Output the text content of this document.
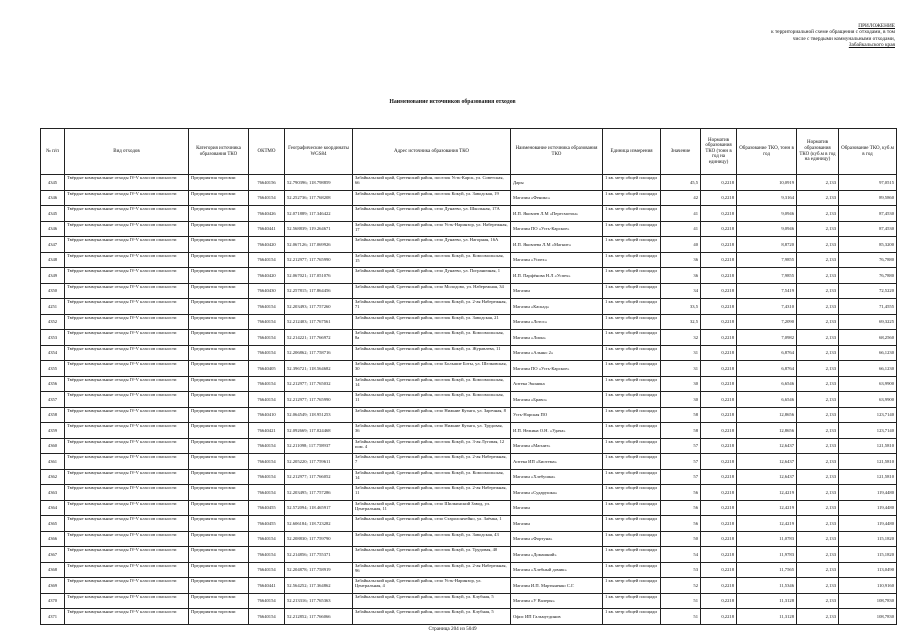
ПРИЛОЖЕНИЕ
к территориальной схеме обращения с отходами, в том
числе с твердыми коммунальными отходами,
Забайкальского края
Наименование источников образования отходов
№ п/п	Вид отходов	Категория источника образования ТКО	ОКТМО	Географические координаты WGS84	Адрес источника образования ТКО	Наименование источника образования ТКО	Единица измерения	Значение	Норматив образования ТКО (тонн в год на единицу)	Образование ТКО, тонн в год	Норматив образования ТКО (куб.м в год на единицу)	Образование ТКО, куб.м в год
4345	Твёрдые коммунальные отходы IV-V классов опасности	Предприятия торговли	76640156	52.790396; 118.798859	Забайкальский край, Сретенский район, поселок Усть-Карск, ул. Советская, 66	Дары	1 кв. метр общей площади	45,5	0,2218	10,0919	2,133	97,0515
4346	Твёрдые коммунальные отходы IV-V классов опасности	Предприятия торговли	76640154	52.252736; 117.768208	Забайкальский край, Сретенский район, поселок Кокуй, ул. Заводская, 19	Магазин «Феникс»	1 кв. метр общей площади	42	0,2218	9,3164	2,133	89,5860
4345	Твёрдые коммунальные отходы IV-V классов опасности	Предприятия торговли	76640426	52.071889; 117.346422	Забайкальский край, Сретенский район, село Дунаево, ул. Школьная, 17А	И.П. Яковлев Л.М «Пересмотон»	1 кв. метр общей площади	41	0,2218	9,0946	2,133	87,4530
4346	Твёрдые коммунальные отходы IV-V классов опасности	Предприятия торговли	76640441	52.568839; 119.264671	Забайкальский край, Сретенский район, село Усть-Наринзор, ул. Набережная, 17	Магазин ПО «Усть-Карское»	1 кв. метр общей площади	41	0,2218	9,0946	2,133	87,4530
4347	Твёрдые коммунальные отходы IV-V классов опасности	Предприятия торговли	76640420	52.067126; 117.069926	Забайкальский край, Сретенский район, село Дунаево, ул. Нагорная, 16А	И.П. Яковлева Л.М «Магнит»	1 кв. метр общей площади	40	0,2218	8,8720	2,133	85,3200
4348	Твёрдые коммунальные отходы IV-V классов опасности	Предприятия торговли	76640154	52.212977; 117.765990	Забайкальский край, Сретенский район, поселок Кокуй, ул. Комсомольская, 15	Магазин «Успех»	1 кв. метр общей площади	36	0,2218	7,9855	2,133	76,7880
4349	Твёрдые коммунальные отходы IV-V классов опасности	Предприятия торговли	76640420	52.067021; 117.051076	Забайкальский край, Сретенский район, село Дунаево, ул. Пограничная, 1	И.П. Парфёнова Н.Л «Успех»	1 кв. метр общей площади	36	0,2218	7,9855	2,133	76,7880
4350	Твёрдые коммунальные отходы IV-V классов опасности	Предприятия торговли	76640430	52.257815; 117.864456	Забайкальский край, Сретенский район, село Молодово, ул. Набережная, 34	Магазин	1 кв. метр общей площади	34	0,2218	7,5419	2,133	72,5220
4251	Твёрдые коммунальные отходы IV-V классов опасности	Предприятия торговли	76640154	52.203493; 117.757260	Забайкальский край, Сретенский район, поселок Кокуй, ул. 2-ая Набережная, 71	Магазин «Каскад»	1 кв. метр общей площади	33,5	0,2218	7,4310	2,133	71,4555
4352	Твёрдые коммунальные отходы IV-V классов опасности	Предприятия торговли	76640154	52.212403; 117.767561	Забайкальский край, Сретенский район, поселок Кокуй, ул. Заводская, 21	Магазин «Лотос»	1 кв. метр общей площади	32,5	0,2218	7,2090	2,133	69,3225
4353	Твёрдые коммунальные отходы IV-V классов опасности	Предприятия торговли	76640154	52.214221; 117.766972	Забайкальский край, Сретенский район, поселок Кокуй, ул. Комсомольская, 8а	Магазин «Лион»	1 кв. метр общей площади	32	0,2218	7,0982	2,133	68,2560
4354	Твёрдые коммунальные отходы IV-V классов опасности	Предприятия торговли	76640154	52.206862; 117.758716	Забайкальский край, Сретенский район, поселок Кокуй, ул. Журавлева, 11	Магазин «Альянс 2»	1 кв. метр общей площади	31	0,2218	6,8764	2,133	66,1230
4355	Твёрдые коммунальные отходы IV-V классов опасности	Предприятия торговли	76640405	52.396721; 118.564682	Забайкальский край, Сретенский район, село Большие Боты, ул. Шелковская, 30	Магазин ПО «Усть-Карское»	1 кв. метр общей площади	31	0,2218	6,8764	2,133	66,1230
4356	Твёрдые коммунальные отходы IV-V классов опасности	Предприятия торговли	76640154	52.212977; 117.765032	Забайкальский край, Сретенский район, поселок Кокуй, ул. Комсомольская, 14	Аптека Эконика	1 кв. метр общей площади	30	0,2218	6,6546	2,133	63,9900
4357	Твёрдые коммунальные отходы IV-V классов опасности	Предприятия торговли	76640154	52.212977; 117.765990	Забайкальский край, Сретенский район, поселок Кокуй, ул. Комсомольская, 11	Магазин «Браво»	1 кв. метр общей площади	30	0,2218	6,6546	2,133	63,9900
4358	Твёрдые коммунальные отходы IV-V классов опасности	Предприятия торговли	76640410	52.064549; 118.951253	Забайкальский край, Сретенский район, село Нижние Куэнга, ул. Заречная, 8	Усть-Нарская ПО	1 кв. метр общей площади	58	0,2218	12,8656	2,133	123,7140
4359	Твёрдые коммунальные отходы IV-V классов опасности	Предприятия торговли	76640421	52.092669; 117.024468	Забайкальский край, Сретенский район, село Нижние Куэнга, ул. Трудовая, 36	И.П. Нежина О.Н. «Удача»	1 кв. метр общей площади	58	0,2218	12,8656	2,133	123,7140
4360	Твёрдые коммунальные отходы IV-V классов опасности	Предприятия торговли	76640154	52.211098; 117.758937	Забайкальский край, Сретенский район, поселок Кокуй, ул. 3-ая Луговая, 12 пом. 4	Магазин «Магнит»	1 кв. метр общей площади	57	0,2218	12,6437	2,133	121,5810
4361	Твёрдые коммунальные отходы IV-V классов опасности	Предприятия торговли	76640154	52.205220; 117.759611	Забайкальский край, Сретенский район, поселок Кокуй, ул. 2-ая Набережная, 7	Аптека ИП «Биотема»	1 кв. метр общей площади	57	0,2218	12,6437	2,133	121,5810
4362	Твёрдые коммунальные отходы IV-V классов опасности	Предприятия торговли	76640154	52.212977; 117.766052	Забайкальский край, Сретенский район, поселок Кокуй, ул. Комсомольская, 14	Магазин «Хлебушка»	1 кв. метр общей площади	57	0,2218	12,6437	2,133	121,5810
4363	Твёрдые коммунальные отходы IV-V классов опасности	Предприятия торговли	76640154	52.203495; 117.757286	Забайкальский край, Сретенский район, поселок Кокуй, ул. 2-ая Набережная, 11	Магазин «Сударушка»	1 кв. метр общей площади	56	0,2218	12,4219	2,133	119,4480
4364	Твёрдые коммунальные отходы IV-V классов опасности	Предприятия торговли	76640455	52.572094; 118.465917	Забайкальский край, Сретенский район, село Шилкинский Завод, ул. Центральная, 11	Магазин	1 кв. метр общей площади	56	0,2218	12,4219	2,133	119,4480
4365	Твёрдые коммунальные отходы IV-V классов опасности	Предприятия торговли	76640455	52.606184; 118.723282	Забайкальский край, Сретенский район, село Старолончейно, ул. Заёмка, 1	Магазин	1 кв. метр общей площади	56	0,2218	12,4219	2,133	119,4480
4366	Твёрдые коммунальные отходы IV-V классов опасности	Предприятия торговли	76640154	52.208830; 117.759790	Забайкальский край, Сретенский район, поселок Кокуй, ул. Заводская, 43	Магазин «Фортуна»	1 кв. метр общей площади	50	0,2218	11,0783	2,133	115,1820
4367	Твёрдые коммунальные отходы IV-V классов опасности	Предприятия торговли	76640154	52.214856; 117.755371	Забайкальский край, Сретенский район, поселок Кокуй, ул. Трудовая, 40	Магазин «Домашний»	1 кв. метр общей площади	54	0,2218	11,9783	2,133	115,1820
4368	Твёрдые коммунальные отходы IV-V классов опасности	Предприятия торговли	76640154	52.204878; 117.758919	Забайкальский край, Сретенский район, поселок Кокуй, ул. 2-ая Набережная, 96	Магазин «Хлебный домик»	1 кв. метр общей площади	53	0,2218	11,7565	2,133	113,0490
4369	Твёрдые коммунальные отходы IV-V классов опасности	Предприятия торговли	76640441	52.564252; 117.364862	Забайкальский край, Сретенский район, село Усть-Наринзор, ул. Центральная, 4	Магазин И.П. Мартыненко С.Г.	1 кв. метр общей площади	52	0,2218	11,5346	2,133	110,9160
4370	Твёрдые коммунальные отходы IV-V классов опасности	Предприятия торговли	76640154	52.213316; 117.765363	Забайкальский край, Сретенский район, поселок Кокуй, ул. Клубная, 5	Магазин «У Валеры»	1 кв. метр общей площади	51	0,2218	11,3128	2,133	108,7830
4371	Твёрдые коммунальные отходы IV-V классов опасности	Предприятия торговли	76640154	52.212852; 117.766066	Забайкальский край, Сретенский район, поселок Кокуй, ул. Клубная, 5	Офис ИП Гальмутдинов	1 кв. метр общей площади	51	0,2218	11,3128	2,133	108,7830
Страница 204 из 5049
